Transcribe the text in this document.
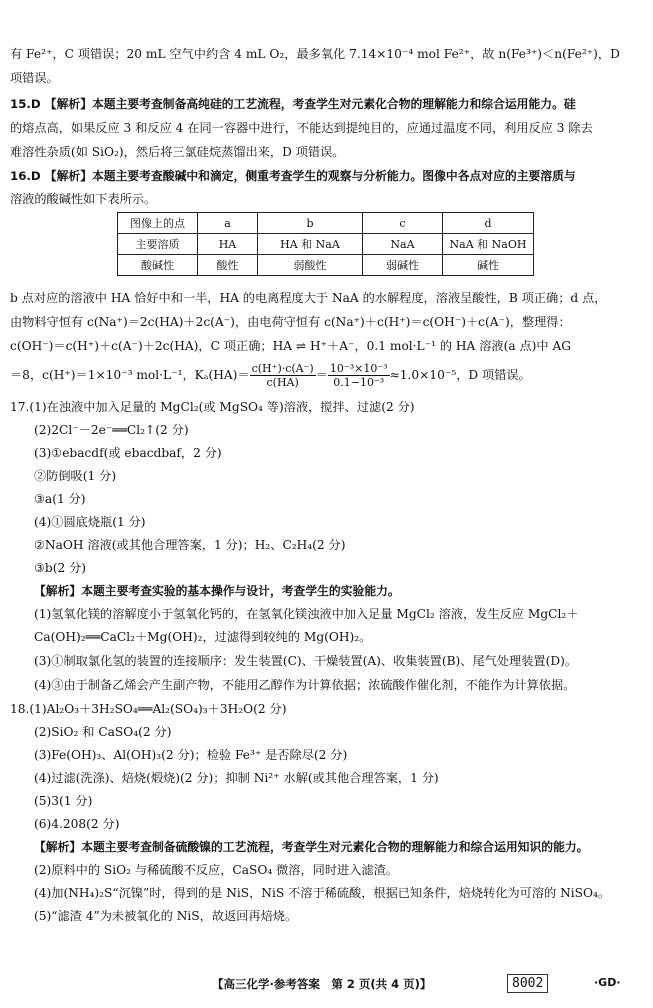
有 Fe²⁺，C 项错误；20 mL 空气中约含 4 mL O₂，最多氧化 7.14×10⁻⁴ mol Fe²⁺，故 n(Fe³⁺)＜n(Fe²⁺)，D
项错误。
15.D 【解析】本题主要考查制备高纯硅的工艺流程，考查学生对元素化合物的理解能力和综合运用能力。硅
的熔点高，如果反应 3 和反应 4 在同一容器中进行，不能达到提纯目的，应通过温度不同，利用反应 3 除去
难溶性杂质(如 SiO₂)，然后将三氯硅烷蒸馏出来，D 项错误。
16.D 【解析】本题主要考查酸碱中和滴定，侧重考查学生的观察与分析能力。图像中各点对应的主要溶质与
溶液的酸碱性如下表所示。
图像上的点	a	b	c	d
主要溶质	HA	HA 和 NaA	NaA	NaA 和 NaOH
酸碱性	酸性	弱酸性	弱碱性	碱性
b 点对应的溶液中 HA 恰好中和一半，HA 的电离程度大于 NaA 的水解程度，溶液呈酸性，B 项正确；d 点，
由物料守恒有 c(Na⁺)＝2c(HA)＋2c(A⁻)，由电荷守恒有 c(Na⁺)＋c(H⁺)＝c(OH⁻)＋c(A⁻)，整理得：
c(OH⁻)＝c(H⁺)＋c(A⁻)＋2c(HA)，C 项正确；HA ⇌ H⁺＋A⁻，0.1 mol·L⁻¹ 的 HA 溶液(a 点)中 AG
＝8，c(H⁺)＝1×10⁻³ mol·L⁻¹，$K_a(HA)= \frac{c(H^+)\cdot c(A^-)}{c(HA)} = \frac{\text{10⁻³×10⁻³}}{\text{0.1−10⁻³}} \approx 1.0\times 10^{-5}$，D 项错误。
17.(1)在浊液中加入足量的 MgCl₂(或 MgSO₄ 等)溶液，搅拌、过滤(2 分)
(2)2Cl⁻－2e⁻══Cl₂↑(2 分)
(3)①ebacdf(或 ebacdbaf，2 分)
②防倒吸(1 分)
③a(1 分)
(4)①圆底烧瓶(1 分)
②NaOH 溶液(或其他合理答案，1 分)；H₂、C₂H₄(2 分)
③b(2 分)
【解析】本题主要考查实验的基本操作与设计，考查学生的实验能力。
(1)氢氧化镁的溶解度小于氢氧化钙的，在氢氧化镁浊液中加入足量 MgCl₂ 溶液，发生反应 MgCl₂＋
Ca(OH)₂══CaCl₂＋Mg(OH)₂，过滤得到较纯的 Mg(OH)₂。
(3)①制取氯化氢的装置的连接顺序：发生装置(C)、干燥装置(A)、收集装置(B)、尾气处理装置(D)。
(4)③由于制备乙烯会产生副产物，不能用乙醇作为计算依据；浓硫酸作催化剂，不能作为计算依据。
18.(1)Al₂O₃＋3H₂SO₄══Al₂(SO₄)₃＋3H₂O(2 分)
(2)SiO₂ 和 CaSO₄(2 分)
(3)Fe(OH)₃、Al(OH)₃(2 分)；检验 Fe³⁺ 是否除尽(2 分)
(4)过滤(洗涤)、焙烧(煅烧)(2 分)；抑制 Ni²⁺ 水解(或其他合理答案，1 分)
(5)3(1 分)
(6)4.208(2 分)
【解析】本题主要考查制备硫酸镍的工艺流程，考查学生对元素化合物的理解能力和综合运用知识的能力。
(2)原料中的 SiO₂ 与稀硫酸不反应，CaSO₄ 微溶，同时进入滤渣。
(4)加(NH₄)₂S“沉镍”时，得到的是 NiS，NiS 不溶于稀硫酸，根据已知条件，焙烧转化为可溶的 NiSO₄。
(5)“滤渣 4”为未被氧化的 NiS，故返回再焙烧。
【高三化学·参考答案　第 2 页(共 4 页)】	8002	·GD·
